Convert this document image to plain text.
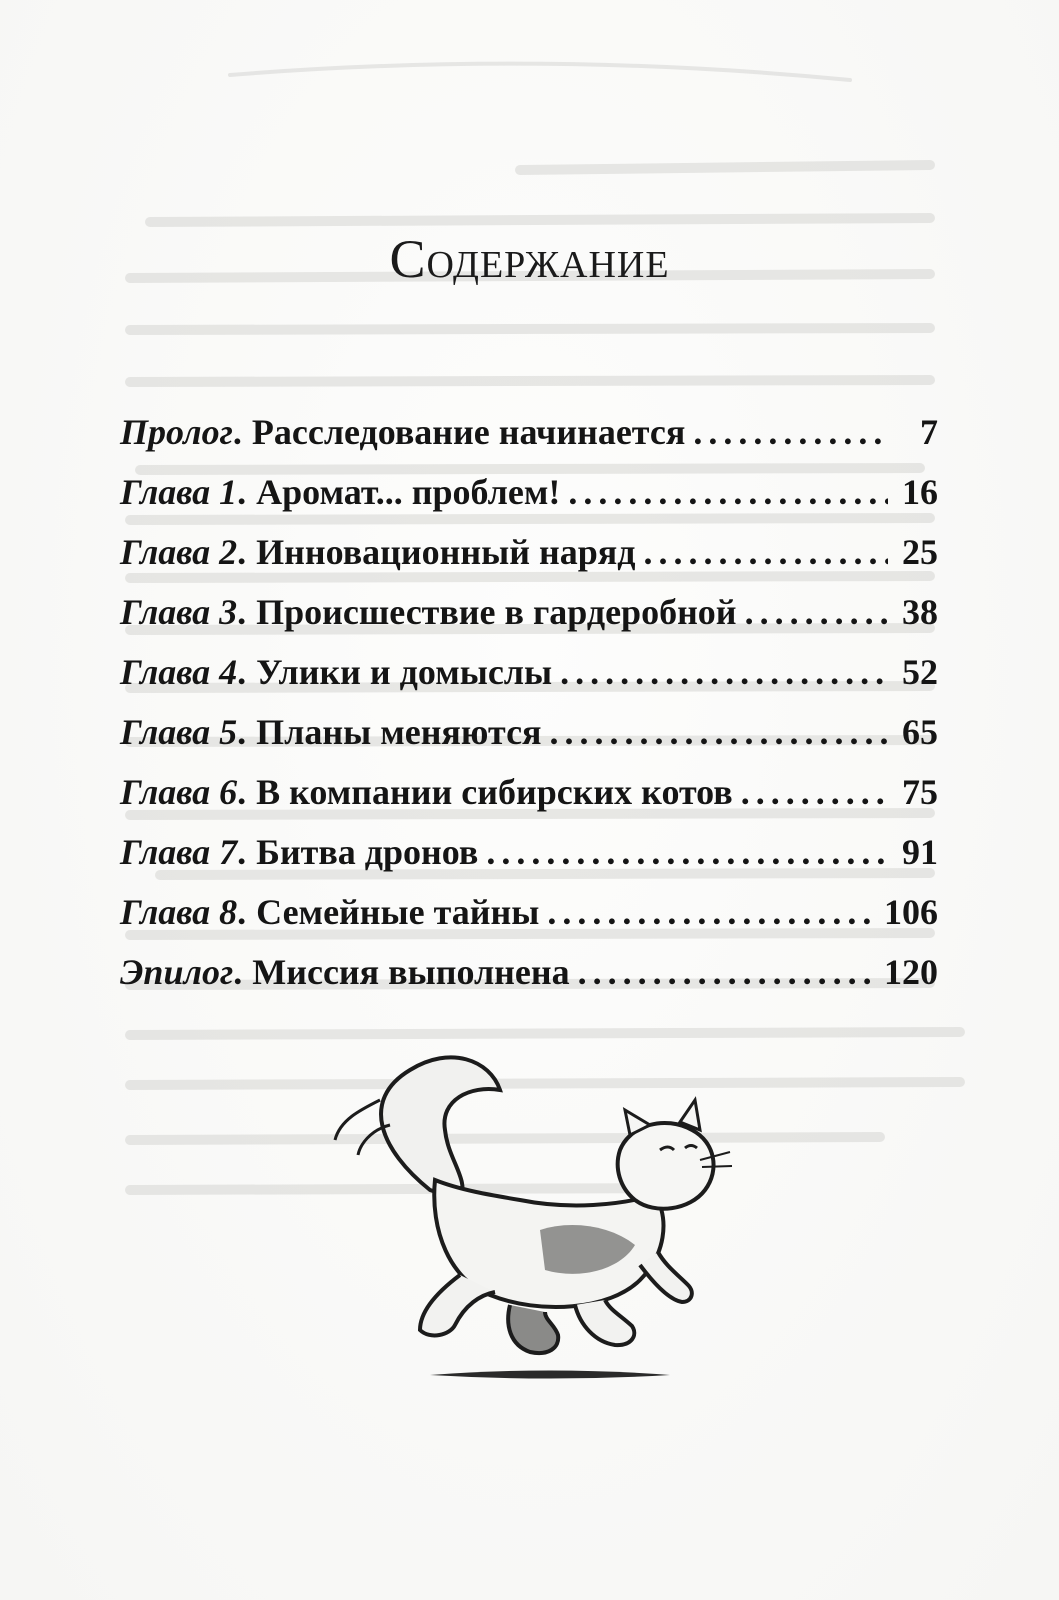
Содержание
Пролог . Расследование начинается .....	7
Глава 1 . Аромат... проблем! .....	16
Глава 2 . Инновационный наряд .....	25
Глава 3 . Происшествие в гардеробной .....	38
Глава 4 . Улики и домыслы .....	52
Глава 5 . Планы меняются .....	65
Глава 6 . В компании сибирских котов .....	75
Глава 7 . Битва дронов .....	91
Глава 8 . Семейные тайны .....	106
Эпилог . Миссия выполнена .....	120
